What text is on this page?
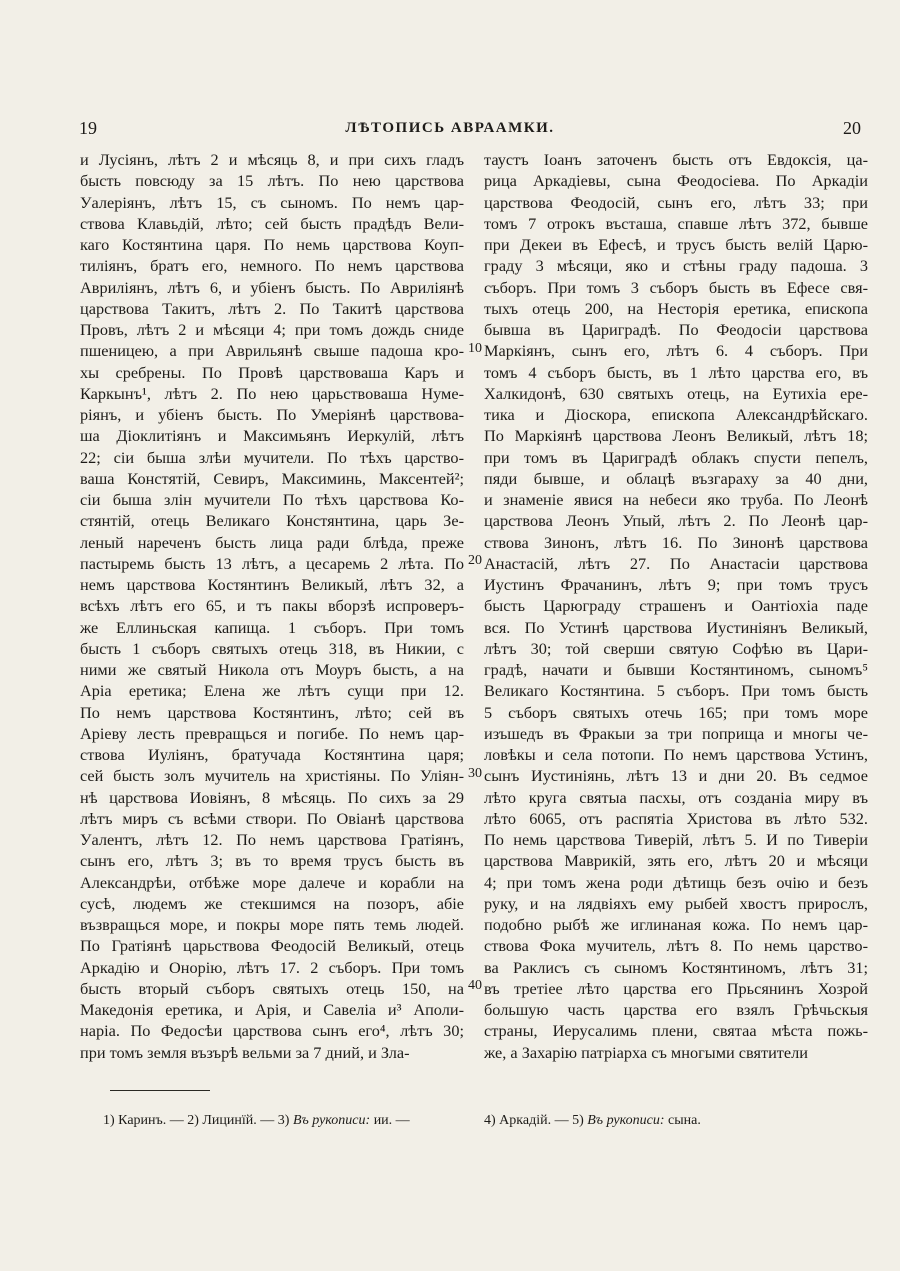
19	ЛѢТОПИСЬ АВРААМКИ.	20
и Лусіянъ, лѣтъ 2 и мѣсяць 8, и при сихъ гладъ
бысть повсюду за 15 лѣтъ. По нею царствова
Уалеріянъ, лѣтъ 15, съ сыномъ. По немъ цар-
ствова Клавьдій, лѣто; сей бысть прадѣдъ Вели-
каго Костянтина царя. По немь царствова Коуп-
тиліянъ, братъ его, немного. По немъ царствова
Авриліянъ, лѣтъ 6, и убіенъ бысть. По Авриліянѣ
царствова Такитъ, лѣтъ 2. По Такитѣ царствова
Провъ, лѣтъ 2 и мѣсяци 4; при томъ дождь сниде
пшеницею, а при Аврильянѣ свыше падоша кро-
хы сребрены. По Провѣ царствоваша Каръ и
Каркынъ¹, лѣтъ 2. По нею царьствоваша Нуме-
ріянъ, и убіенъ бысть. По Умеріянѣ царствова-
ша Діоклитіянъ и Максимьянъ Иеркулій, лѣтъ
22; сіи быша злѣи мучители. По тѣхъ царство-
ваша Констятій, Севиръ, Максиминь, Максентей²;
сіи быша злін мучители По тѣхъ царствова Ко-
стянтій, отець Великаго Констянтина, царь Зе-
леный нареченъ бысть лица ради блѣда, преже
пастыремь бысть 13 лѣтъ, а цесаремь 2 лѣта. По
немъ царствова Костянтинъ Великый, лѣтъ 32, а
всѣхъ лѣтъ его 65, и тъ пакы вборзѣ испроверъ-
же Еллиньская капища. 1 съборъ. При томъ
бысть 1 съборъ святыхъ отець 318, въ Никии, с
ними же святый Никола отъ Моуръ бысть, а на
Аріа еретика; Елена же лѣтъ сущи при 12.
По немъ царствова Костянтинъ, лѣто; сей въ
Аріеву лесть превращься и погибе. По немъ цар-
ствова Иуліянъ, братучада Костянтина царя;
сей бысть золъ мучитель на христіяны. По Уліян-
нѣ царствова Иовіянъ, 8 мѣсяць. По сихъ за 29
лѣтъ миръ съ всѣми створи. По Овіанѣ царствова
Уалентъ, лѣтъ 12. По немъ царствова Гратіянъ,
сынъ его, лѣтъ 3; въ то время трусъ бысть въ
Александрѣи, отбѣже море далече и корабли на
сусѣ, людемъ же стекшимся на позоръ, абіе
възвращься море, и покры море пять темь людей.
По Гратіянѣ царьствова Феодосій Великый, отець
Аркадію и Онорію, лѣтъ 17. 2 съборъ. При томъ
бысть вторый съборъ святыхъ отець 150, на
Македонія еретика, и Арія, и Савеліа и³ Аполи-
наріа. По Федосѣи царствова сынъ его⁴, лѣтъ 30;
при томъ земля възърѣ вельми за 7 дний, и Зла-
таустъ Іоанъ заточенъ бысть отъ Евдоксія, ца-
рица Аркадіевы, сына Феодосіева. По Аркадіи
царствова Феодосій, сынъ его, лѣтъ 33; при
томъ 7 отрокъ въсташа, спавше лѣтъ 372, бывше
при Декеи въ Ефесѣ, и трусъ бысть велій Царю-
граду 3 мѣсяци, яко и стѣны граду падоша. 3
съборъ. При томъ 3 съборъ бысть въ Ефесе свя-
тыхъ отець 200, на Несторія еретика, епископа
бывша въ Цариградѣ. По Феодосіи царствова
Маркіянъ, сынъ его, лѣтъ 6. 4 съборъ. При
томъ 4 съборъ бысть, въ 1 лѣто царства его, въ
Халкидонѣ, 630 святыхъ отець, на Еутихіа ере-
тика и Діоскора, епископа Александрѣйскаго.
По Маркіянѣ царствова Леонъ Великый, лѣтъ 18;
при томъ въ Цариградѣ облакъ спусти пепелъ,
пяди бывше, и облацѣ възгараху за 40 дни,
и знаменіе явися на небеси яко труба. По Леонѣ
царствова Леонъ Упый, лѣтъ 2. По Леонѣ цар-
ствова Зинонъ, лѣтъ 16. По Зинонѣ царствова
Анастасій, лѣтъ 27. По Анастасіи царствова
Иустинъ Фрачанинъ, лѣтъ 9; при томъ трусъ
бысть Царюграду страшенъ и Оантіохіа паде
вся. По Устинѣ царствова Иустиніянъ Великый,
лѣтъ 30; той сверши святую Софѣю въ Цари-
градѣ, начати и бывши Костянтиномъ, сыномъ⁵
Великаго Костянтина. 5 съборъ. При томъ бысть
5 съборъ святыхъ отечь 165; при томъ море
изъшедъ въ Фракыи за три поприща и многы че-
ловѣкы и села потопи. По немъ царствова Устинъ,
сынъ Иустиніянь, лѣтъ 13 и дни 20. Въ седмое
лѣто круга святыа пасхы, отъ созданіа миру въ
лѣто 6065, отъ распятіа Христова въ лѣто 532.
По немь царствова Тиверій, лѣтъ 5. И по Тиверіи
царствова Маврикій, зять его, лѣтъ 20 и мѣсяци
4; при томъ жена роди дѣтищь безъ очію и безъ
руку, и на лядвіяхъ ему рыбей хвостъ прирослъ,
подобно рыбѣ же иглинаная кожа. По немъ цар-
ствова Фока мучитель, лѣтъ 8. По немь царство-
ва Раклисъ съ сыномъ Костянтиномъ, лѣтъ 31;
въ третіее лѣто царства его Прьсянинъ Хозрой
большую часть царства его взялъ Грѣчьскыя
страны, Иерусалимь плени, святаа мѣста пожь-
же, а Захарію патріарха съ многыми святители
10
20
30
40
1) Каринъ. — 2) Лицинїй. — 3) Въ рукописи: ии. —	4) Аркадій. — 5) Въ рукописи: сына.
